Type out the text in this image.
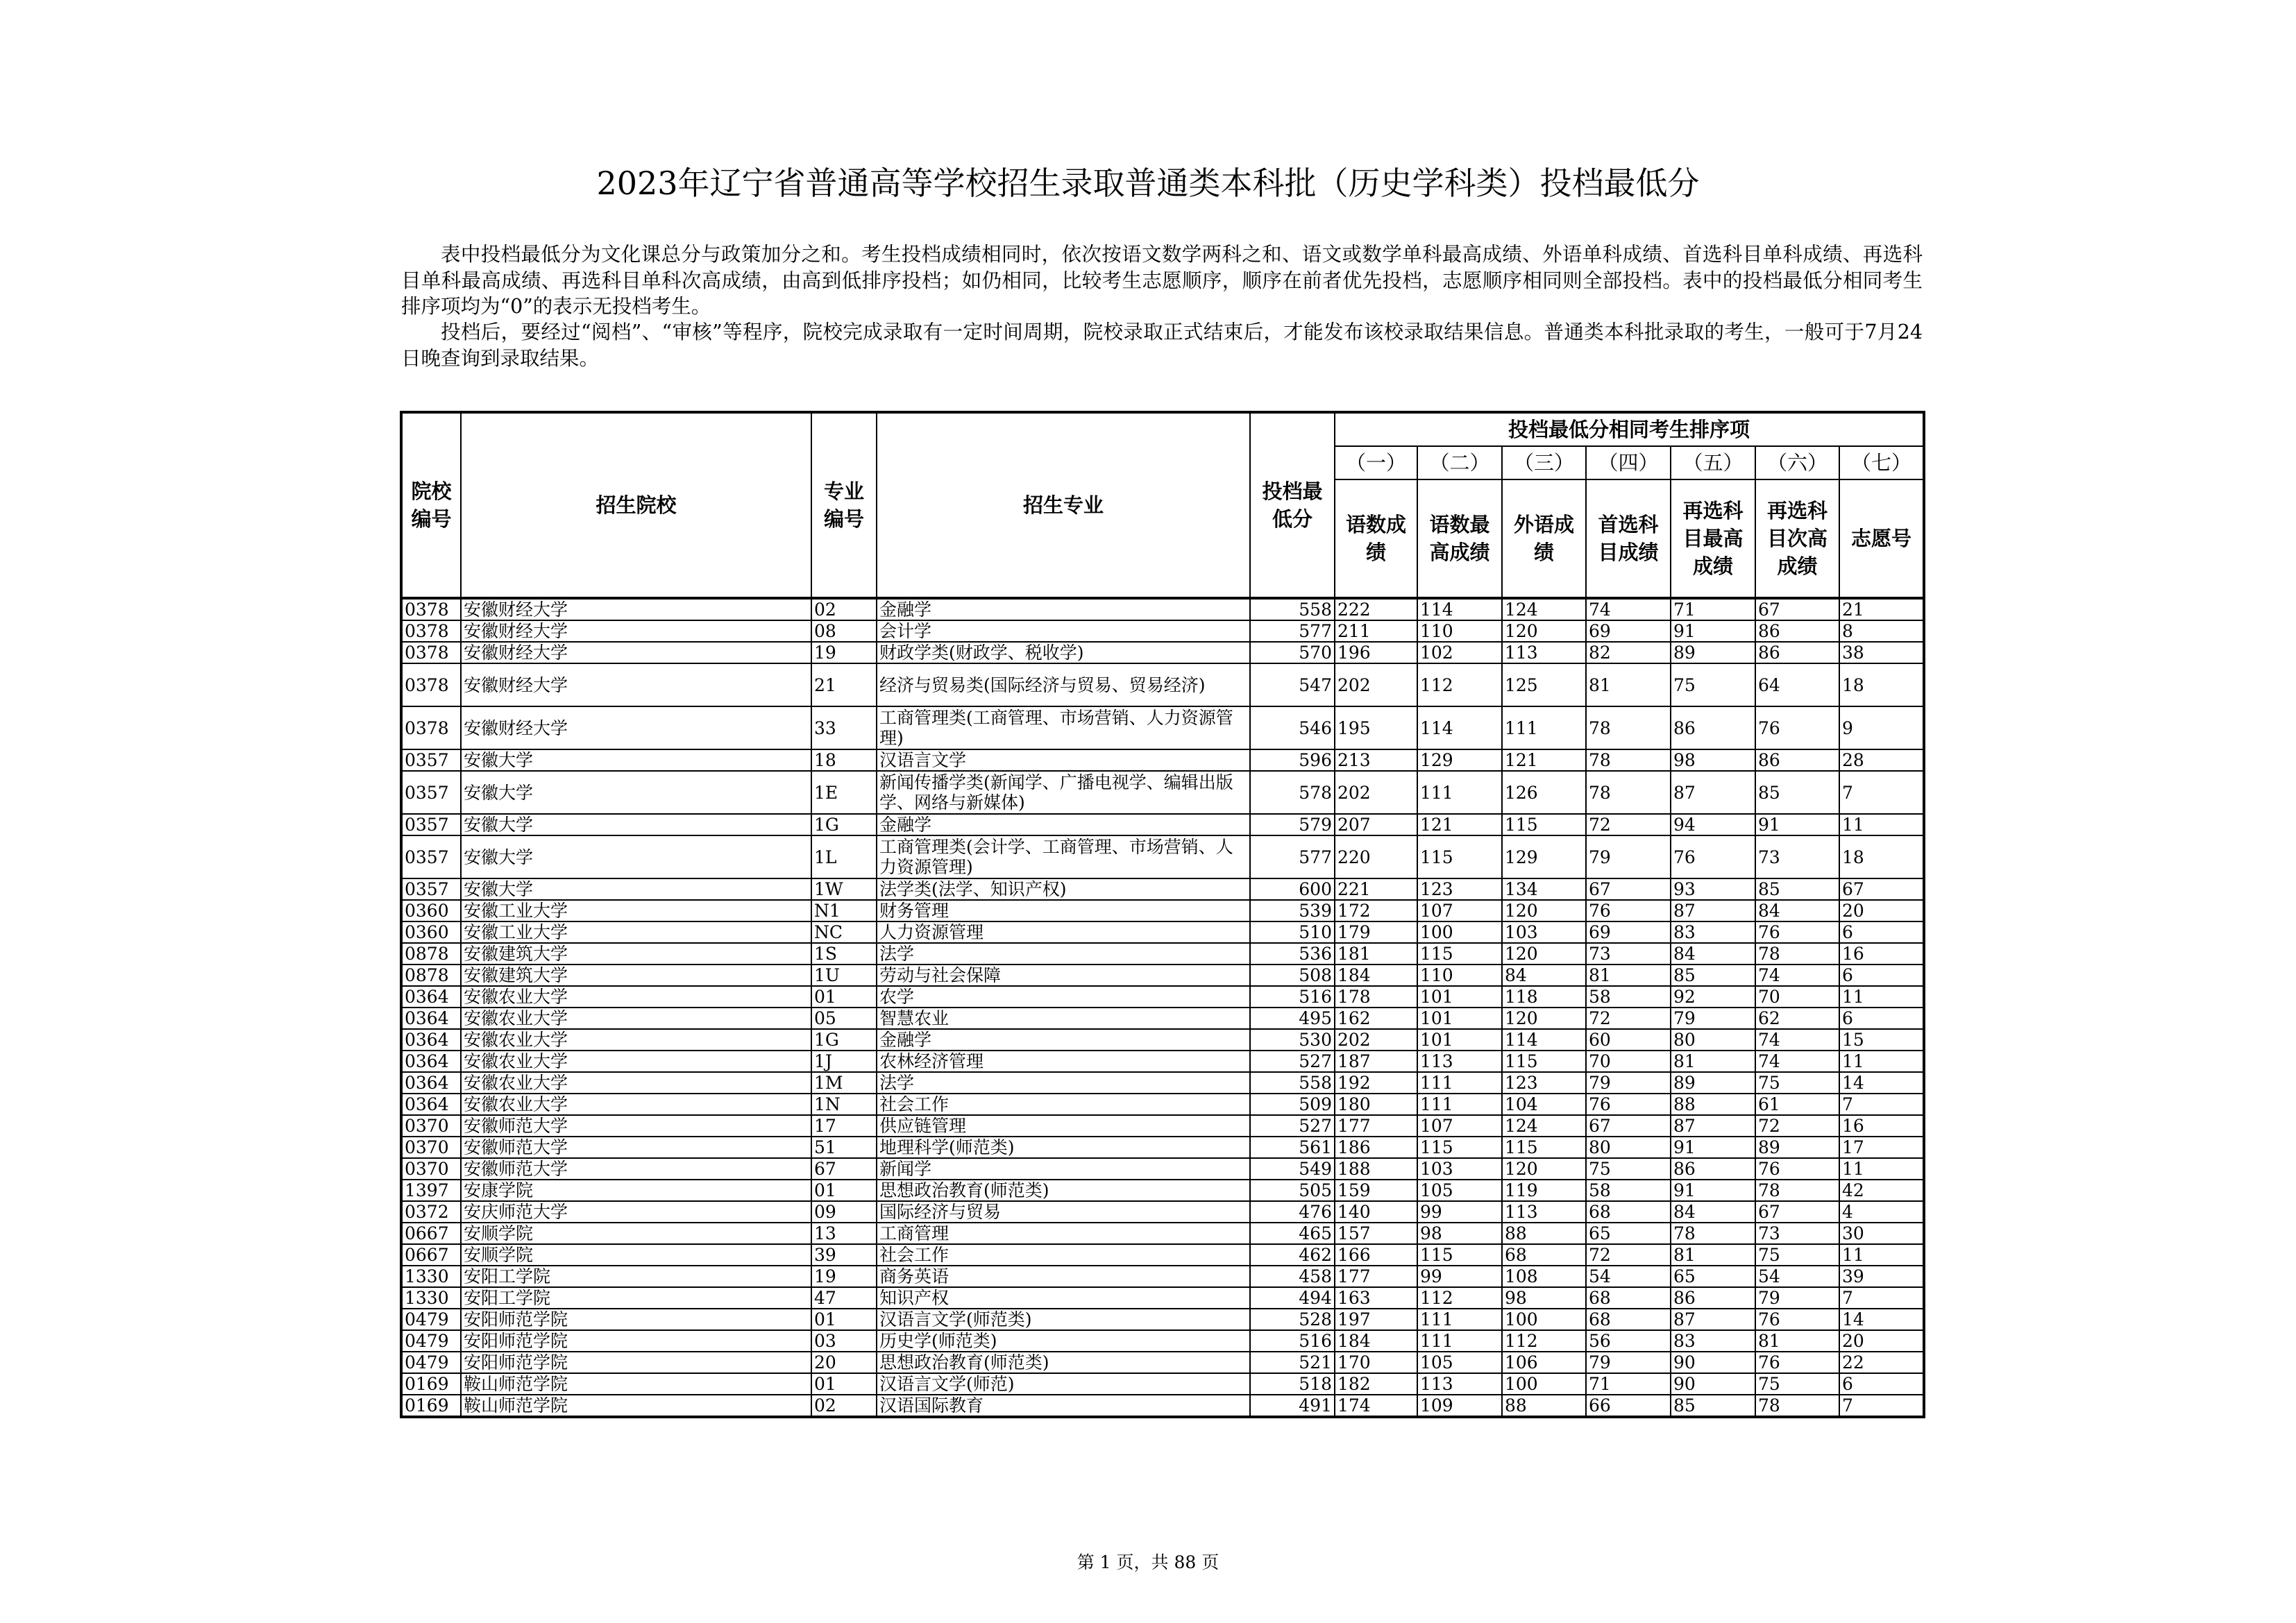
2023年辽宁省普通高等学校招生录取普通类本科批（历史学科类）投档最低分

表中投档最低分为文化课总分与政策加分之和。考生投档成绩相同时，依次按语文数学两科之和、语文或数学单科最高成绩、外语单科成绩、首选科目单科成绩、再选科目单科最高成绩、再选科目单科次高成绩，由高到低排序投档；如仍相同，比较考生志愿顺序，顺序在前者优先投档，志愿顺序相同则全部投档。表中的投档最低分相同考生排序项均为“0”的表示无投档考生。

投档后，要经过“阅档”、“审核”等程序，院校完成录取有一定时间周期，院校录取正式结束后，才能发布该校录取结果信息。普通类本科批录取的考生，一般可于7月24日晚查询到录取结果。

院校编号	招生院校	专业编号	招生专业	投档最低分	投档最低分相同考生排序项						
					（一）	（二）	（三）	（四）	（五）	（六）	（七）
					语数成绩	语数最高成绩	外语成绩	首选科目成绩	再选科目最高成绩	再选科目次高成绩	志愿号
0378	安徽财经大学	02	金融学	558	222	114	124	74	71	67	21
0378	安徽财经大学	08	会计学	577	211	110	120	69	91	86	8
0378	安徽财经大学	19	财政学类(财政学、税收学)	570	196	102	113	82	89	86	38
0378	安徽财经大学	21	经济与贸易类(国际经济与贸易、贸易经济)	547	202	112	125	81	75	64	18
0378	安徽财经大学	33	工商管理类(工商管理、市场营销、人力资源管理)	546	195	114	111	78	86	76	9
0357	安徽大学	18	汉语言文学	596	213	129	121	78	98	86	28
0357	安徽大学	1E	新闻传播学类(新闻学、广播电视学、编辑出版学、网络与新媒体)	578	202	111	126	78	87	85	7
0357	安徽大学	1G	金融学	579	207	121	115	72	94	91	11
0357	安徽大学	1L	工商管理类(会计学、工商管理、市场营销、人力资源管理)	577	220	115	129	79	76	73	18
0357	安徽大学	1W	法学类(法学、知识产权)	600	221	123	134	67	93	85	67
0360	安徽工业大学	N1	财务管理	539	172	107	120	76	87	84	20
0360	安徽工业大学	NC	人力资源管理	510	179	100	103	69	83	76	6
0878	安徽建筑大学	1S	法学	536	181	115	120	73	84	78	16
0878	安徽建筑大学	1U	劳动与社会保障	508	184	110	84	81	85	74	6
0364	安徽农业大学	01	农学	516	178	101	118	58	92	70	11
0364	安徽农业大学	05	智慧农业	495	162	101	120	72	79	62	6
0364	安徽农业大学	1G	金融学	530	202	101	114	60	80	74	15
0364	安徽农业大学	1J	农林经济管理	527	187	113	115	70	81	74	11
0364	安徽农业大学	1M	法学	558	192	111	123	79	89	75	14
0364	安徽农业大学	1N	社会工作	509	180	111	104	76	88	61	7
0370	安徽师范大学	17	供应链管理	527	177	107	124	67	87	72	16
0370	安徽师范大学	51	地理科学(师范类)	561	186	115	115	80	91	89	17
0370	安徽师范大学	67	新闻学	549	188	103	120	75	86	76	11
1397	安康学院	01	思想政治教育(师范类)	505	159	105	119	58	91	78	42
0372	安庆师范大学	09	国际经济与贸易	476	140	99	113	68	84	67	4
0667	安顺学院	13	工商管理	465	157	98	88	65	78	73	30
0667	安顺学院	39	社会工作	462	166	115	68	72	81	75	11
1330	安阳工学院	19	商务英语	458	177	99	108	54	65	54	39
1330	安阳工学院	47	知识产权	494	163	112	98	68	86	79	7
0479	安阳师范学院	01	汉语言文学(师范类)	528	197	111	100	68	87	76	14
0479	安阳师范学院	03	历史学(师范类)	516	184	111	112	56	83	81	20
0479	安阳师范学院	20	思想政治教育(师范类)	521	170	105	106	79	90	76	22
0169	鞍山师范学院	01	汉语言文学(师范)	518	182	113	100	71	90	75	6
0169	鞍山师范学院	02	汉语国际教育	491	174	109	88	66	85	78	7
第 1 页，共 88 页
